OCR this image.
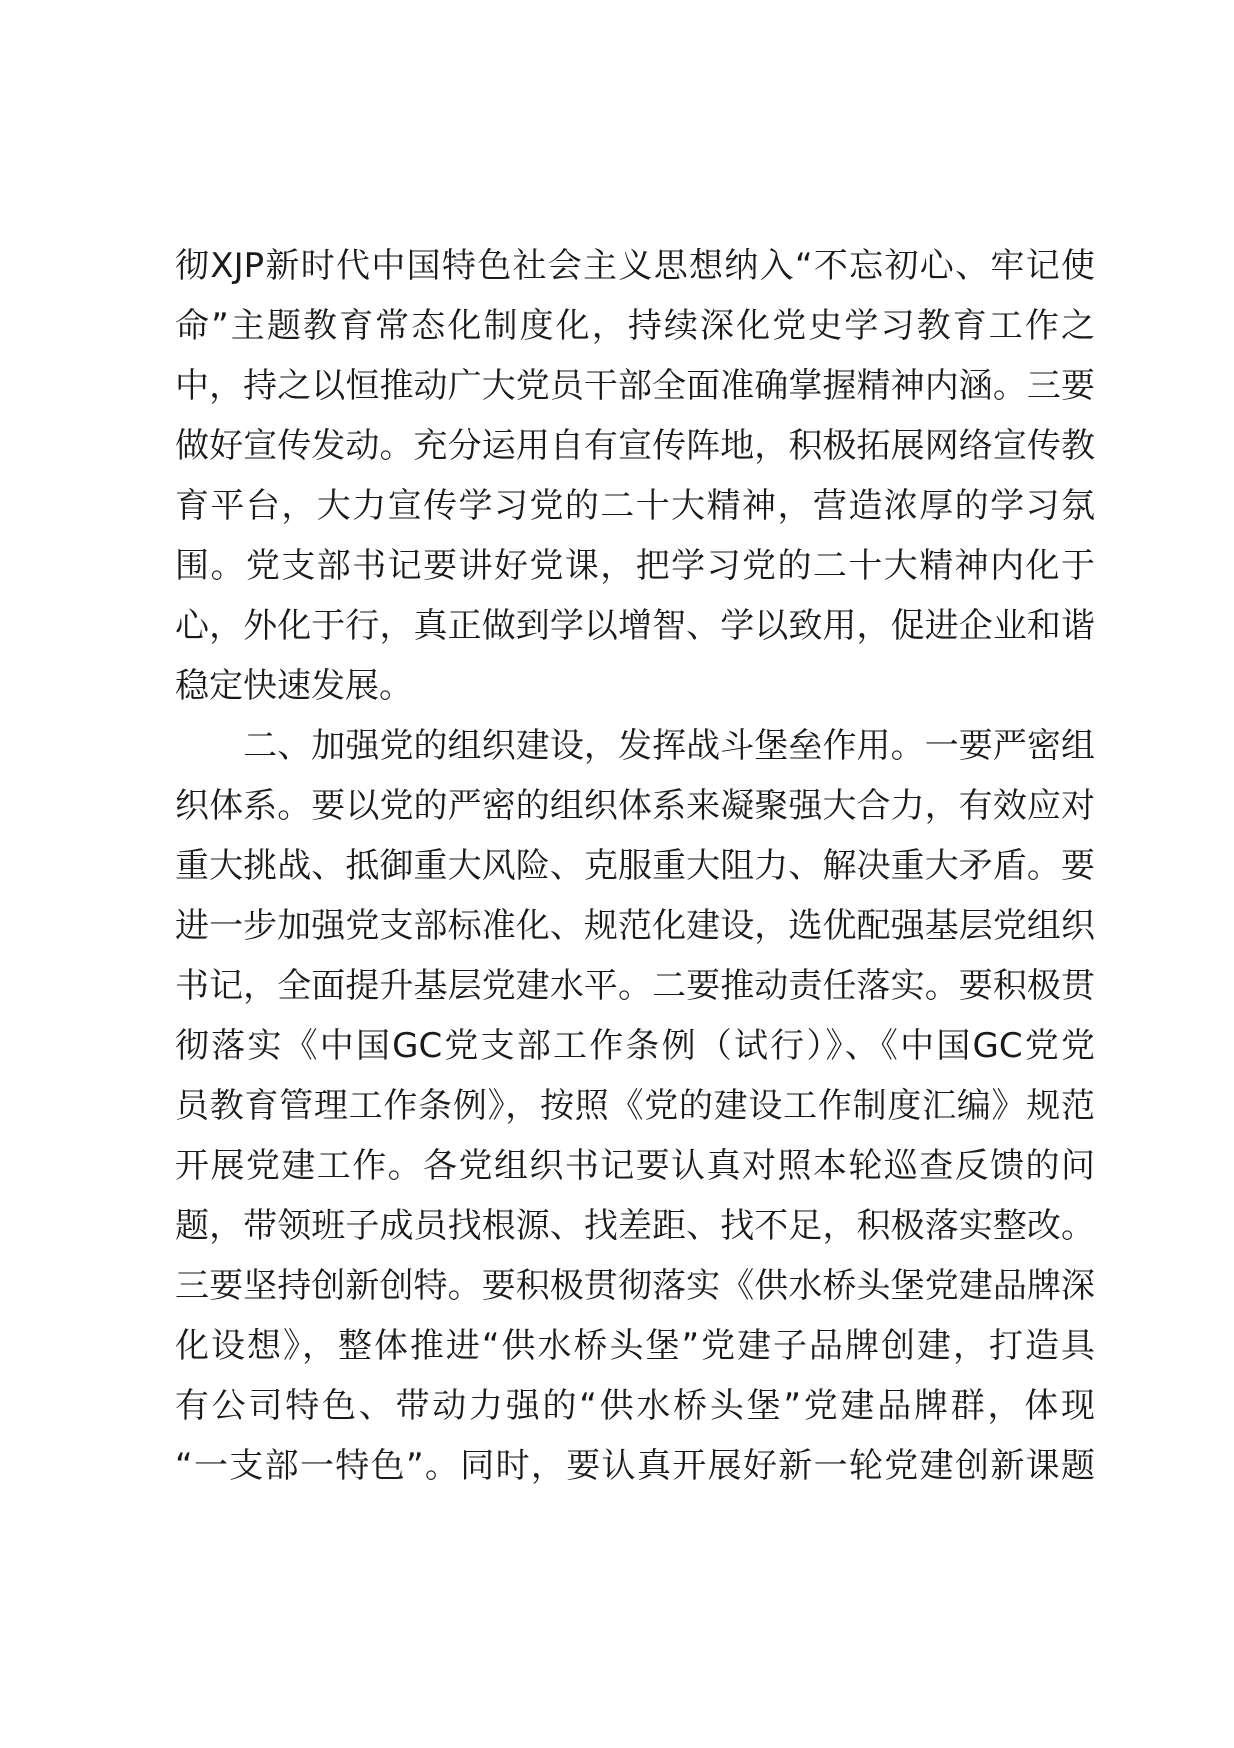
彻XJP新时代中国特色社会主义思想纳入“不忘初心、牢记使
命”主题教育常态化制度化，持续深化党史学习教育工作之
中，持之以恒推动广大党员干部全面准确掌握精神内涵。三要
做好宣传发动。充分运用自有宣传阵地，积极拓展网络宣传教
育平台，大力宣传学习党的二十大精神，营造浓厚的学习氛
围。党支部书记要讲好党课，把学习党的二十大精神内化于
心，外化于行，真正做到学以增智、学以致用，促进企业和谐
稳定快速发展。
　　二、加强党的组织建设，发挥战斗堡垒作用。一要严密组
织体系。要以党的严密的组织体系来凝聚强大合力，有效应对
重大挑战、抵御重大风险、克服重大阻力、解决重大矛盾。要
进一步加强党支部标准化、规范化建设，选优配强基层党组织
书记，全面提升基层党建水平。二要推动责任落实。要积极贯
彻落实《中国GC党支部工作条例（试行）》、《中国GC党党
员教育管理工作条例》，按照《党的建设工作制度汇编》规范
开展党建工作。各党组织书记要认真对照本轮巡查反馈的问
题，带领班子成员找根源、找差距、找不足，积极落实整改。
三要坚持创新创特。要积极贯彻落实《供水桥头堡党建品牌深
化设想》，整体推进“供水桥头堡”党建子品牌创建，打造具
有公司特色、带动力强的“供水桥头堡”党建品牌群，体现
“一支部一特色”。同时，要认真开展好新一轮党建创新课题
